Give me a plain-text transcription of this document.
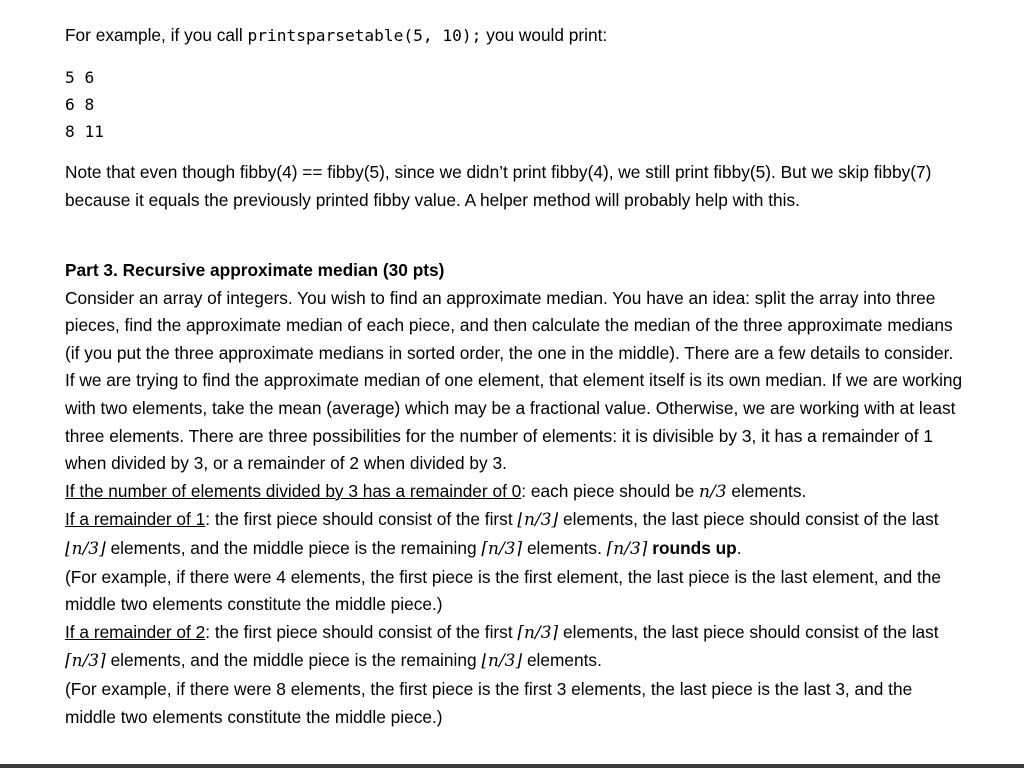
For example, if you call printsparsetable(5, 10); you would print:

5 6
6 8
8 11

Note that even though fibby(4) == fibby(5), since we didn’t print fibby(4), we still print fibby(5). But we skip fibby(7) because it equals the previously printed fibby value. A helper method will probably help with this.

Part 3. Recursive approximate median (30 pts)

Consider an array of integers. You wish to find an approximate median. You have an idea: split the array into three pieces, find the approximate median of each piece, and then calculate the median of the three approximate medians (if you put the three approximate medians in sorted order, the one in the middle). There are a few details to consider. If we are trying to find the approximate median of one element, that element itself is its own median. If we are working with two elements, take the mean (average) which may be a fractional value. Otherwise, we are working with at least three elements. There are three possibilities for the number of elements: it is divisible by 3, it has a remainder of 1 when divided by 3, or a remainder of 2 when divided by 3.

If the number of elements divided by 3 has a remainder of 0: each piece should be n/3 elements.

If a remainder of 1: the first piece should consist of the first ⌊n/3⌋ elements, the last piece should consist of the last ⌊n/3⌋ elements, and the middle piece is the remaining ⌈n/3⌉ elements. ⌈n/3⌉ rounds up.

(For example, if there were 4 elements, the first piece is the first element, the last piece is the last element, and the middle two elements constitute the middle piece.)

If a remainder of 2: the first piece should consist of the first ⌈n/3⌉ elements, the last piece should consist of the last ⌈n/3⌉ elements, and the middle piece is the remaining ⌊n/3⌋ elements.

(For example, if there were 8 elements, the first piece is the first 3 elements, the last piece is the last 3, and the middle two elements constitute the middle piece.)
